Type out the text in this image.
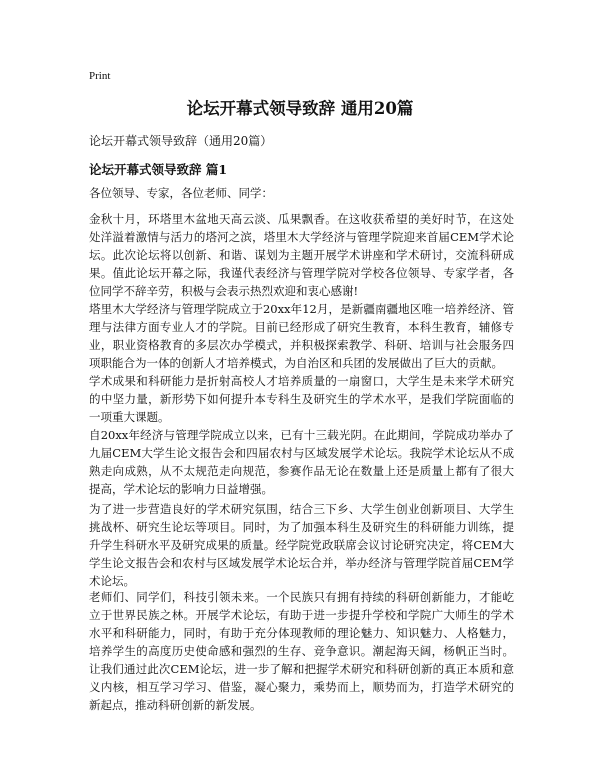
Print
论坛开幕式领导致辞 通用20篇
论坛开幕式领导致辞（通用20篇）
论坛开幕式领导致辞 篇1

各位领导、专家，各位老师、同学：

金秋十月，环塔里木盆地天高云淡、瓜果飘香。在这收获希望的美好时节，在这处处洋溢着激情与活力的塔河之滨，塔里木大学经济与管理学院迎来首届CEM学术论坛。此次论坛将以创新、和谐、谋划为主题开展学术讲座和学术研讨，交流科研成果。值此论坛开幕之际，我谨代表经济与管理学院对学校各位领导、专家学者，各位同学不辞辛劳，积极与会表示热烈欢迎和衷心感谢!

塔里木大学经济与管理学院成立于20xx年12月，是新疆南疆地区唯一培养经济、管理与法律方面专业人才的学院。目前已经形成了研究生教育，本科生教育，辅修专业，职业资格教育的多层次办学模式，并积极探索教学、科研、培训与社会服务四项职能合为一体的创新人才培养模式，为自治区和兵团的发展做出了巨大的贡献。

学术成果和科研能力是折射高校人才培养质量的一扇窗口，大学生是未来学术研究的中坚力量，新形势下如何提升本专科生及研究生的学术水平，是我们学院面临的一项重大课题。

自20xx年经济与管理学院成立以来，已有十三载光阴。在此期间，学院成功举办了九届CEM大学生论文报告会和四届农村与区域发展学术论坛。我院学术论坛从不成熟走向成熟，从不太规范走向规范，参赛作品无论在数量上还是质量上都有了很大提高，学术论坛的影响力日益增强。

为了进一步营造良好的学术研究氛围，结合三下乡、大学生创业创新项目、大学生挑战杯、研究生论坛等项目。同时，为了加强本科生及研究生的科研能力训练，提升学生科研水平及研究成果的质量。经学院党政联席会议讨论研究决定，将CEM大学生论文报告会和农村与区域发展学术论坛合并，举办经济与管理学院首届CEM学术论坛。

老师们、同学们，科技引领未来。一个民族只有拥有持续的科研创新能力，才能屹立于世界民族之林。开展学术论坛，有助于进一步提升学校和学院广大师生的学术水平和科研能力，同时，有助于充分体现教师的理论魅力、知识魅力、人格魅力，培养学生的高度历史使命感和强烈的生存、竞争意识。潮起海天阔，杨帆正当时。让我们通过此次CEM论坛，进一步了解和把握学术研究和科研创新的真正本质和意义内核，相互学习学习、借鉴，凝心聚力，乘势而上，顺势而为，打造学术研究的新起点，推动科研创新的新发展。
